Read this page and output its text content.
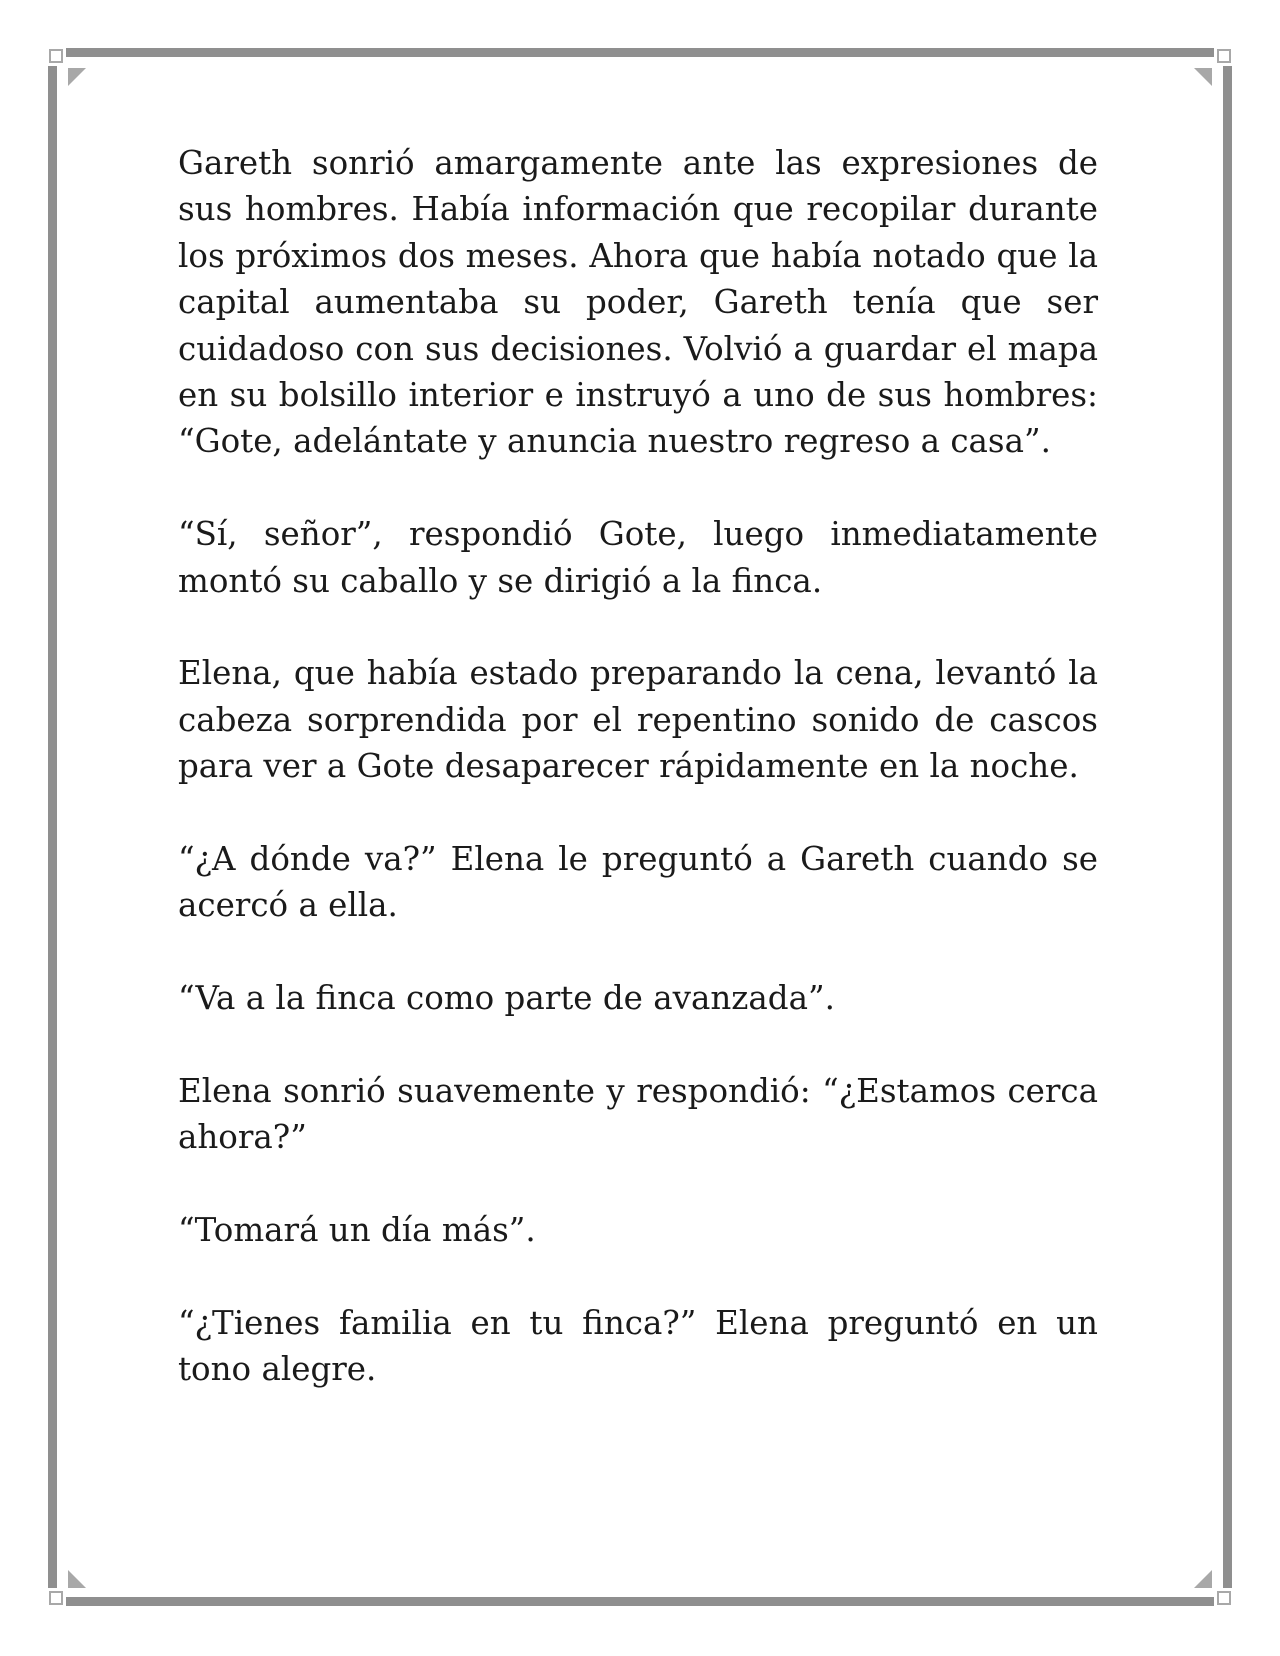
Gareth sonrió amargamente ante las expresiones de sus hombres. Había información que recopilar durante los próximos dos meses. Ahora que había notado que la capital aumentaba su poder, Gareth tenía que ser cuidadoso con sus decisiones. Volvió a guardar el mapa en su bolsillo interior e instruyó a uno de sus hombres: “Gote, adelántate y anuncia nuestro regreso a casa”.

“Sí, señor”, respondió Gote, luego inmediatamente montó su caballo y se dirigió a la finca.

Elena, que había estado preparando la cena, levantó la cabeza sorprendida por el repentino sonido de cascos para ver a Gote desaparecer rápidamente en la noche.

“¿A dónde va?” Elena le preguntó a Gareth cuando se acercó a ella.

“Va a la finca como parte de avanzada”.

Elena sonrió suavemente y respondió: “¿Estamos cerca ahora?”

“Tomará un día más”.

“¿Tienes familia en tu finca?” Elena preguntó en un tono alegre.
